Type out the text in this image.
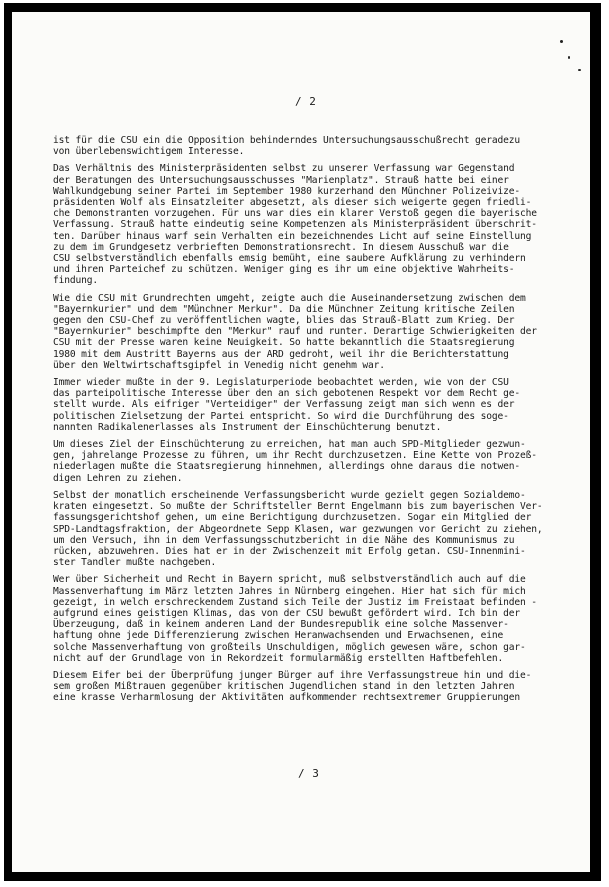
/ 2
ist für die CSU ein die Opposition behinderndes Untersuchungsausschußrecht geradezu
von überlebenswichtigem Interesse.
Das Verhältnis des Ministerpräsidenten selbst zu unserer Verfassung war Gegenstand
der Beratungen des Untersuchungsausschusses "Marienplatz". Strauß hatte bei einer
Wahlkundgebung seiner Partei im September 1980 kurzerhand den Münchner Polizeivize-
präsidenten Wolf als Einsatzleiter abgesetzt, als dieser sich weigerte gegen friedli-
che Demonstranten vorzugehen. Für uns war dies ein klarer Verstoß gegen die bayerische
Verfassung. Strauß hatte eindeutig seine Kompetenzen als Ministerpräsident überschrit-
ten. Darüber hinaus warf sein Verhalten ein bezeichnendes Licht auf seine Einstellung
zu dem im Grundgesetz verbrieften Demonstrationsrecht. In diesem Ausschuß war die
CSU selbstverständlich ebenfalls emsig bemüht, eine saubere Aufklärung zu verhindern
und ihren Parteichef zu schützen. Weniger ging es ihr um eine objektive Wahrheits-
findung.
Wie die CSU mit Grundrechten umgeht, zeigte auch die Auseinandersetzung zwischen dem
"Bayernkurier" und dem "Münchner Merkur". Da die Münchner Zeitung kritische Zeilen
gegen den CSU-Chef zu veröffentlichen wagte, blies das Strauß-Blatt zum Krieg. Der
"Bayernkurier" beschimpfte den "Merkur" rauf und runter. Derartige Schwierigkeiten der
CSU mit der Presse waren keine Neuigkeit. So hatte bekanntlich die Staatsregierung
1980 mit dem Austritt Bayerns aus der ARD gedroht, weil ihr die Berichterstattung
über den Weltwirtschaftsgipfel in Venedig nicht genehm war.
Immer wieder mußte in der 9. Legislaturperiode beobachtet werden, wie von der CSU
das parteipolitische Interesse über den an sich gebotenen Respekt vor dem Recht ge-
stellt wurde. Als eifriger "Verteidiger" der Verfassung zeigt man sich wenn es der
politischen Zielsetzung der Partei entspricht. So wird die Durchführung des soge-
nannten Radikalenerlasses als Instrument der Einschüchterung benutzt.
Um dieses Ziel der Einschüchterung zu erreichen, hat man auch SPD-Mitglieder gezwun-
gen, jahrelange Prozesse zu führen, um ihr Recht durchzusetzen. Eine Kette von Prozeß-
niederlagen mußte die Staatsregierung hinnehmen, allerdings ohne daraus die notwen-
digen Lehren zu ziehen.
Selbst der monatlich erscheinende Verfassungsbericht wurde gezielt gegen Sozialdemo-
kraten eingesetzt. So mußte der Schriftsteller Bernt Engelmann bis zum bayerischen Ver-
fassungsgerichtshof gehen, um eine Berichtigung durchzusetzen. Sogar ein Mitglied der
SPD-Landtagsfraktion, der Abgeordnete Sepp Klasen, war gezwungen vor Gericht zu ziehen,
um den Versuch, ihn in dem Verfassungsschutzbericht in die Nähe des Kommunismus zu
rücken, abzuwehren. Dies hat er in der Zwischenzeit mit Erfolg getan. CSU-Innenmini-
ster Tandler mußte nachgeben.
Wer über Sicherheit und Recht in Bayern spricht, muß selbstverständlich auch auf die
Massenverhaftung im März letzten Jahres in Nürnberg eingehen. Hier hat sich für mich
gezeigt, in welch erschreckendem Zustand sich Teile der Justiz im Freistaat befinden -
aufgrund eines geistigen Klimas, das von der CSU bewußt gefördert wird. Ich bin der
Überzeugung, daß in keinem anderen Land der Bundesrepublik eine solche Massenver-
haftung ohne jede Differenzierung zwischen Heranwachsenden und Erwachsenen, eine
solche Massenverhaftung von großteils Unschuldigen, möglich gewesen wäre, schon gar-
nicht auf der Grundlage von in Rekordzeit formularmäßig erstellten Haftbefehlen.
Diesem Eifer bei der Überprüfung junger Bürger auf ihre Verfassungstreue hin und die-
sem großen Mißtrauen gegenüber kritischen Jugendlichen stand in den letzten Jahren
eine krasse Verharmlosung der Aktivitäten aufkommender rechtsextremer Gruppierungen
/ 3
